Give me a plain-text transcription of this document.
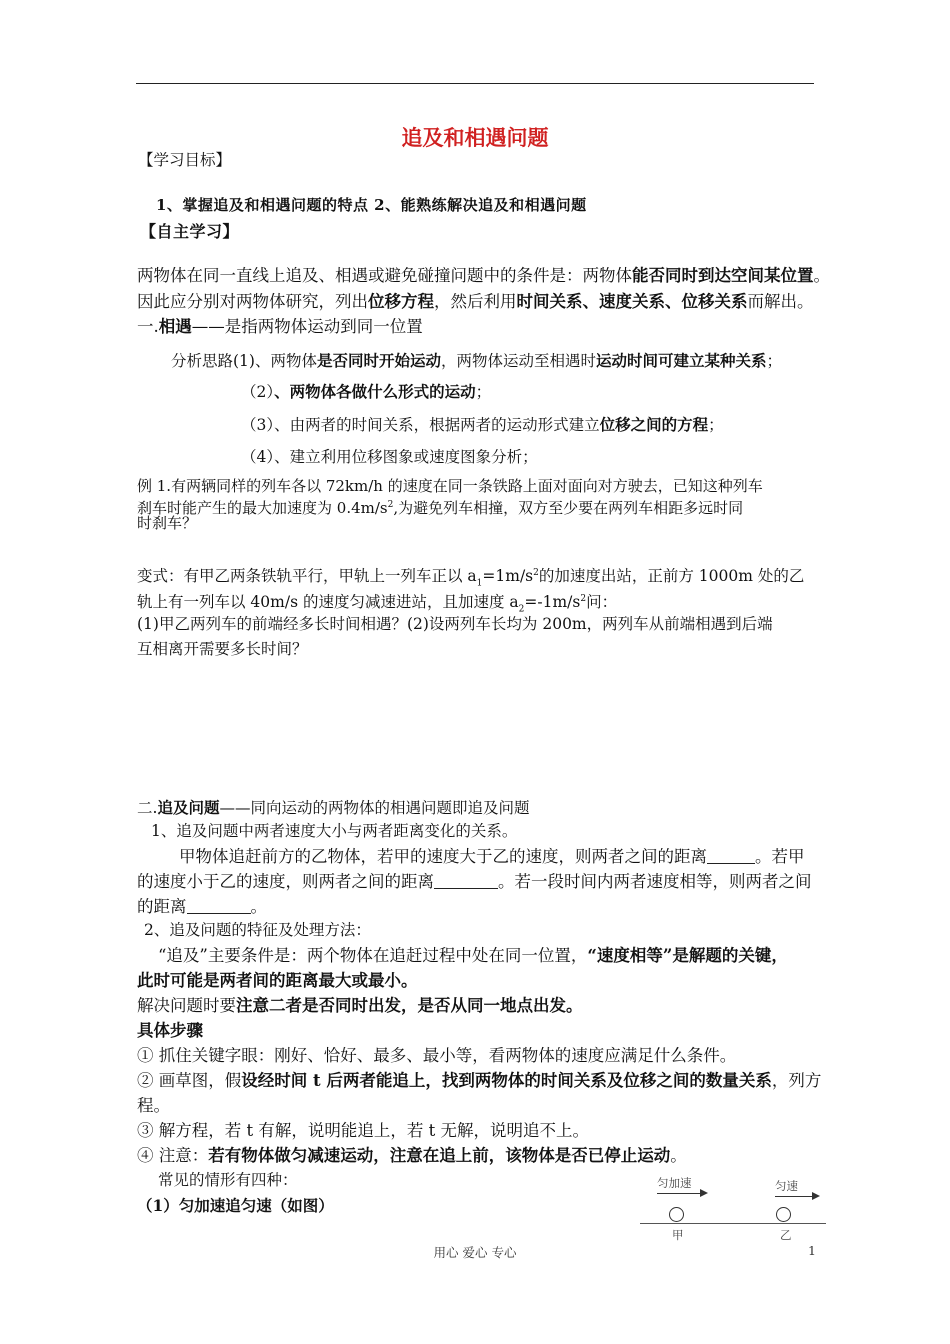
追及和相遇问题
【学习目标】
1、掌握追及和相遇问题的特点 2、能熟练解决追及和相遇问题
【自主学习】
两物体在同一直线上追及、相遇或避免碰撞问题中的条件是：两物体能否同时到达空间某位置。
因此应分别对两物体研究，列出位移方程，然后利用时间关系、速度关系、位移关系而解出。
一.相遇——是指两物体运动到同一位置
分析思路(1)、两物体是否同时开始运动，两物体运动至相遇时运动时间可建立某种关系；
（2）、两物体各做什么形式的运动；
（3）、由两者的时间关系，根据两者的运动形式建立位移之间的方程；
（4）、建立利用位移图象或速度图象分析；
例 1.有两辆同样的列车各以 72km/h 的速度在同一条铁路上面对面向对方驶去，已知这种列车
刹车时能产生的最大加速度为 $0.4m/s^2$,为避免列车相撞，双方至少要在两列车相距多远时同
时刹车？
变式：有甲乙两条铁轨平行，甲轨上一列车正以 $a_1=1m/s^2$的加速度出站，正前方 1000m 处的乙
轨上有一列车以 40m/s 的速度匀减速进站，且加速度 $a_2=-1m/s^2$问：
(1)甲乙两列车的前端经多长时间相遇？(2)设两列车长均为 200m，两列车从前端相遇到后端
互相离开需要多长时间？
二.追及问题——同向运动的两物体的相遇问题即追及问题
1、追及问题中两者速度大小与两者距离变化的关系。
甲物体追赶前方的乙物体，若甲的速度大于乙的速度，则两者之间的距离	。若甲
的速度小于乙的速度，则两者之间的距离	。若一段时间内两者速度相等，则两者之间
的距离	。
2、追及问题的特征及处理方法：
“追及”主要条件是：两个物体在追赶过程中处在同一位置，“速度相等”是解题的关键，
此时可能是两者间的距离最大或最小。
解决问题时要注意二者是否同时出发，是否从同一地点出发。
具体步骤
① 抓住关键字眼：刚好、恰好、最多、最小等，看两物体的速度应满足什么条件。
② 画草图，假设经时间 t 后两者能追上，找到两物体的时间关系及位移之间的数量关系，列方
程。
③ 解方程，若 t 有解，说明能追上，若 t 无解，说明追不上。
④ 注意：若有物体做匀减速运动，注意在追上前，该物体是否已停止运动。
常见的情形有四种：
（1）匀加速追匀速（如图）
匀加速	匀速
甲	乙
用心 爱心 专心	1
